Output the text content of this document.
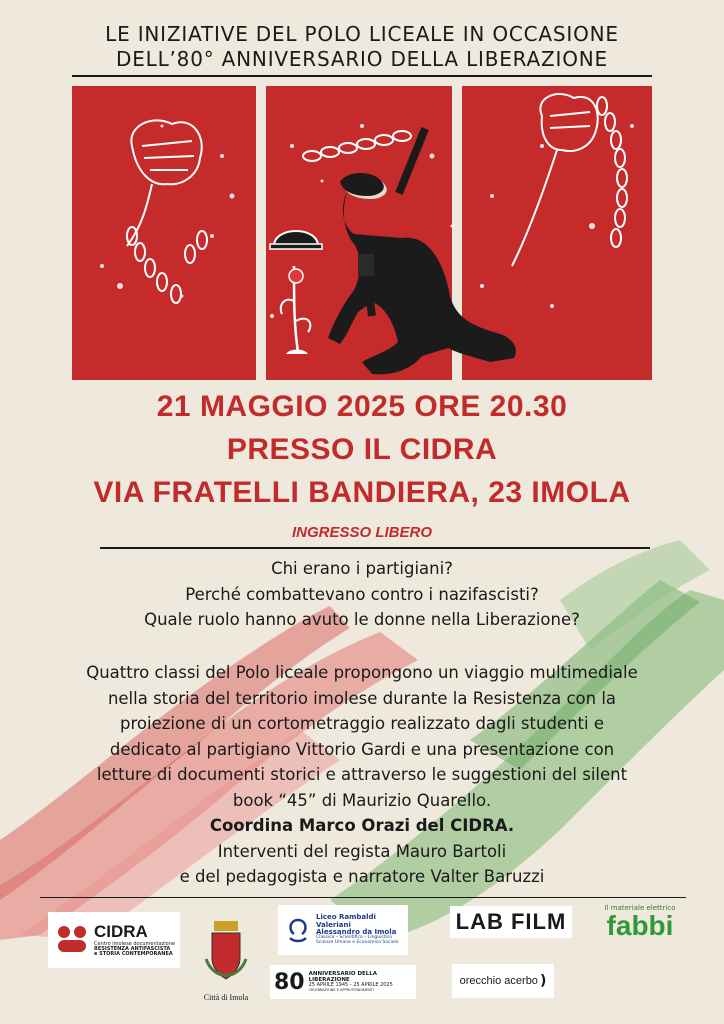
LE INIZIATIVE DEL POLO LICEALE IN OCCASIONE
DELL’80° ANNIVERSARIO DELLA LIBERAZIONE
21 MAGGIO 2025 ORE 20.30
PRESSO IL CIDRA
VIA FRATELLI BANDIERA, 23 IMOLA
INGRESSO LIBERO
Chi erano i partigiani?
Perché combattevano contro i nazifascisti?
Quale ruolo hanno avuto le donne nella Liberazione?
Quattro classi del Polo liceale propongono un viaggio multimediale
nella storia del territorio imolese durante la Resistenza con la
proiezione di un cortometraggio realizzato dagli studenti e
dedicato al partigiano Vittorio Gardi e una presentazione con
letture di documenti storici e attraverso le suggestioni del silent
book “45” di Maurizio Quarello.
Coordina Marco Orazi del CIDRA.
Interventi del regista Mauro Bartoli
e del pedagogista e narratore Valter Baruzzi
CIDRA
Centro imolese documentazione
RESISTENZA ANTIFASCISTA
e STORIA CONTEMPORANEA
Città di Imola
Liceo Rambaldi
Valeriani
Alessandro da Imola
Classico – Scientifico – Linguistico
Scienze Umane e Economico Sociale
80 ANNIVERSARIO DELLA LIBERAZIONE
25 APRILE 1945 - 25 APRILE 2025
CELEBRAZIONE E APPROFONDIMENTI
LAB FILM
orecchio acerbo )
Il materiale elettrico
fabbi
